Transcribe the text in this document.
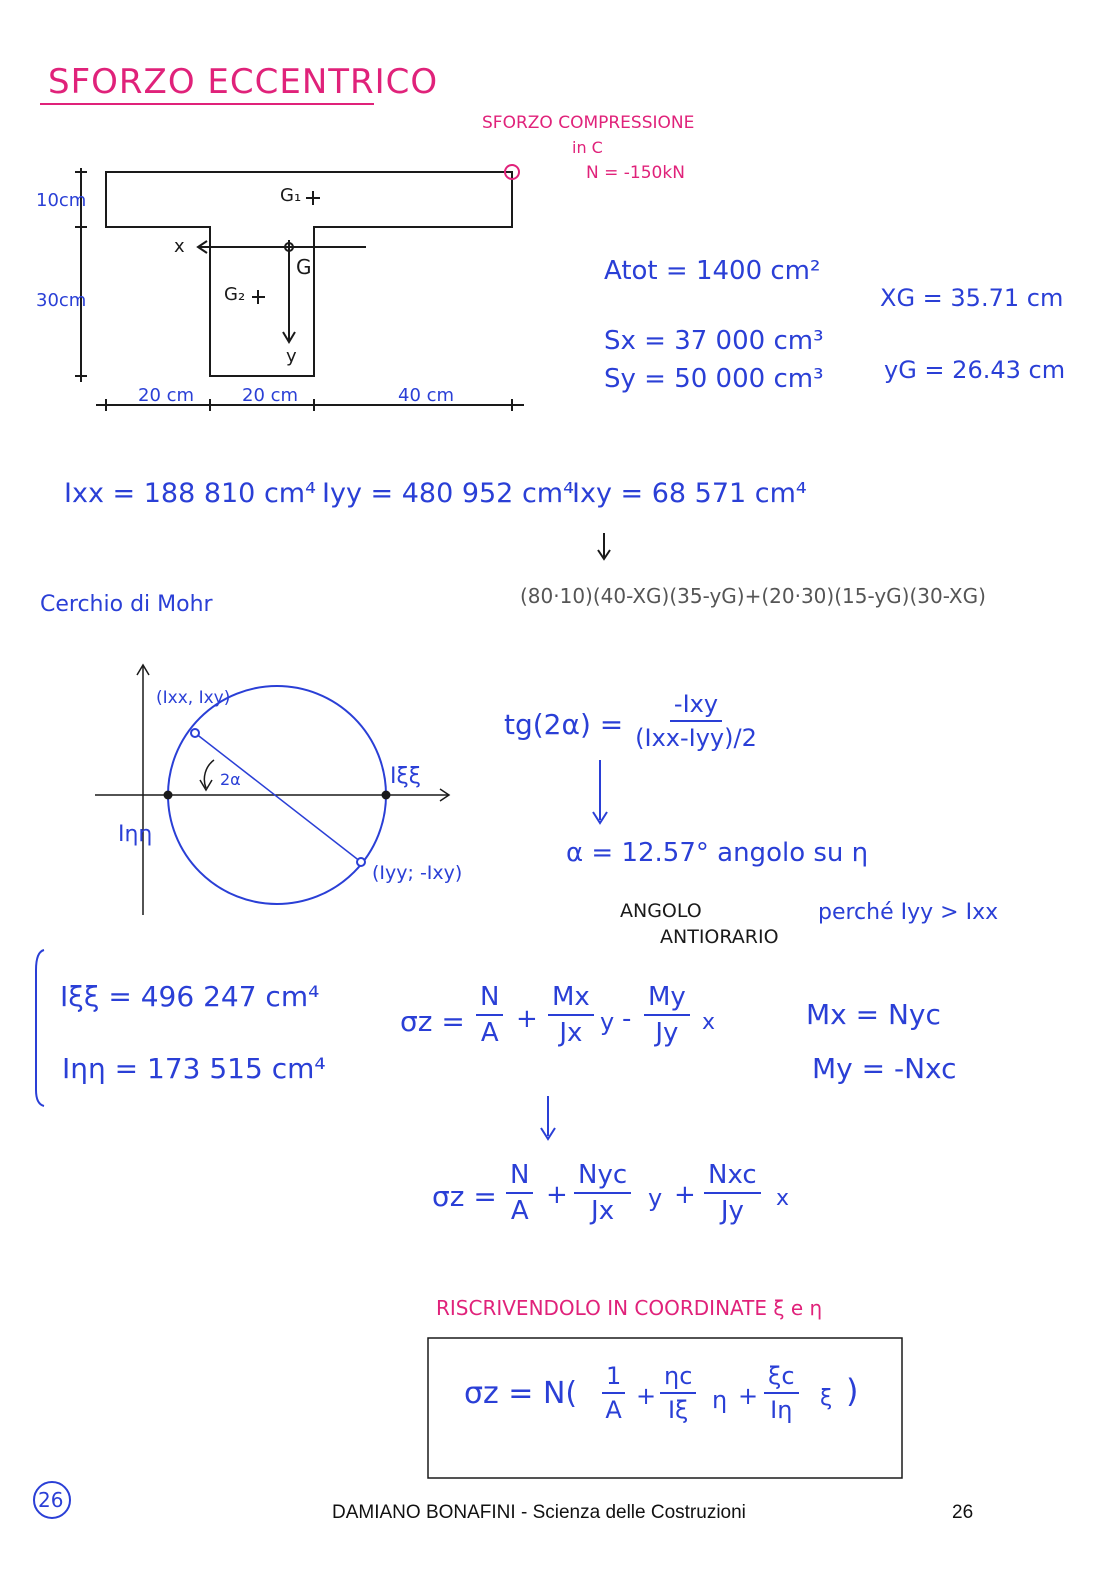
SFORZO ECCENTRICO
SFORZO COMPRESSIONE
in C
N = -150kN
10cm
30cm
20 cm	20 cm	40 cm
G₁
G₂
G
x
y
Atot = 1400 cm²
Sx = 37 000 cm³
Sy = 50 000 cm³
XG = 35.71 cm
yG = 26.43 cm
Ixx = 188 810 cm⁴ Iyy = 480 952 cm⁴
Ixy = 68 571 cm⁴
(80·10)(40-XG)(35-yG)+(20·30)(15-yG)(30-XG)
Cerchio di Mohr
(Ixx, Ixy)
(Iyy; -Ixy)
2α	Iξξ
Iηη
tg(2α) =
-Ixy
(Ixx-Iyy)/2
α = 12.57° angolo su η
ANGOLO
ANTIORARIO
perché Iyy > Ixx
Iξξ = 496 247 cm⁴
Iηη = 173 515 cm⁴
$\sigma z = \frac{N}{A} + \frac{Mx}{Jx}$ y - $\frac{My}{Jy}$ x	Mx = Nyc
My = -Nxc
$\sigma z = \frac{N}{A}$ +
Nyc
Jx y +
Nxc
Jy x
RISCRIVENDOLO IN COORDINATE ξ e η
$\sigma z = N( \frac{1}{A} + \frac{\eta c}{I\xi}$ $\eta + \frac{\xi c}{I\eta}$ ξ )
26
DAMIANO BONAFINI - Scienza delle Costruzioni	26
